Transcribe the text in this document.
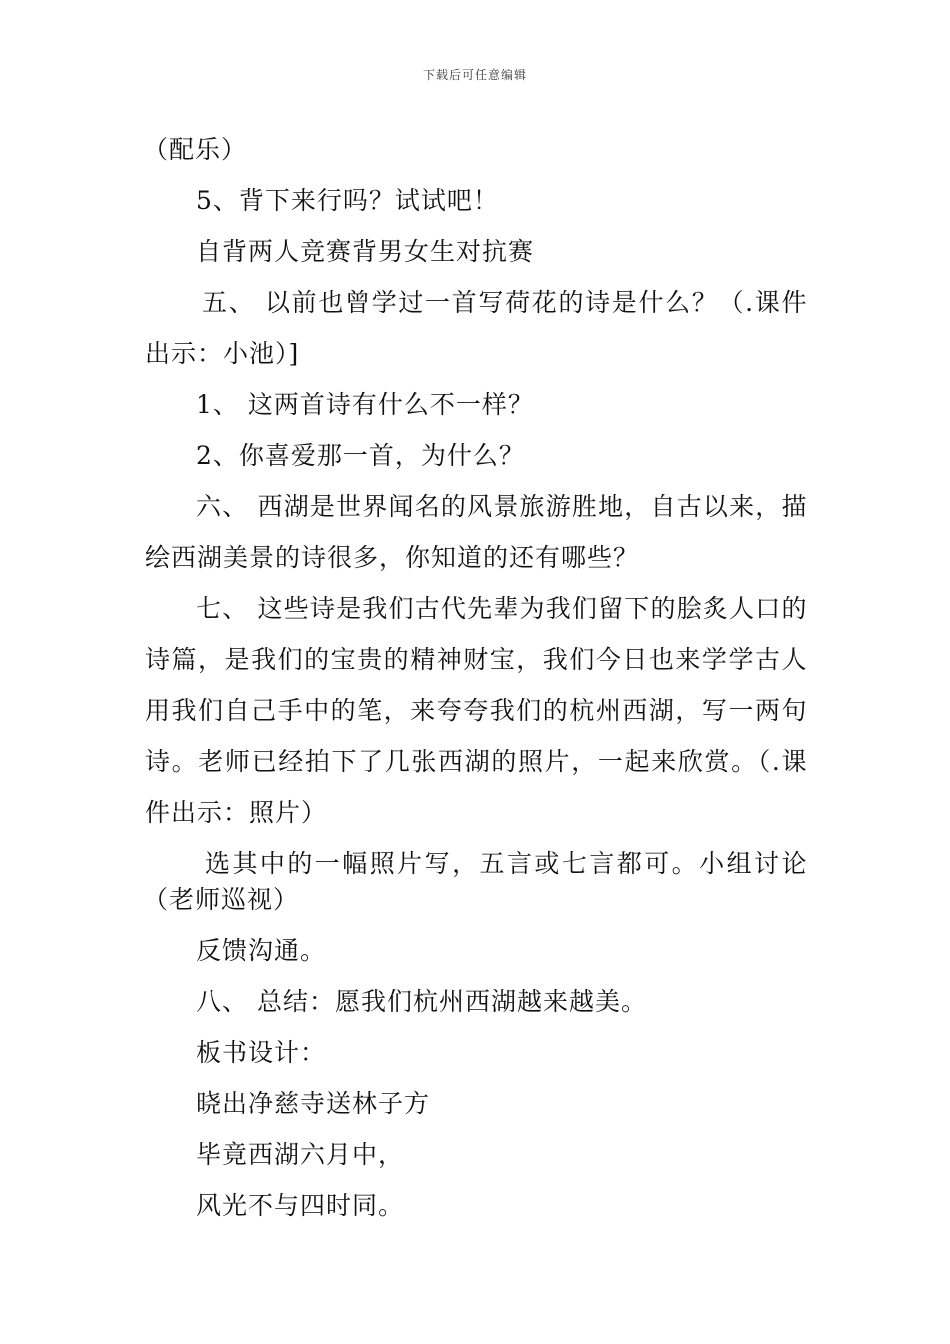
下载后可任意编辑
（配乐）
5、背下来行吗？试试吧！
自背两人竞赛背男女生对抗赛
五、 以前也曾学过一首写荷花的诗是什么？（.课件
出示：小池）]
1、 这两首诗有什么不一样？
2、你喜爱那一首，为什么？
六、 西湖是世界闻名的风景旅游胜地，自古以来，描
绘西湖美景的诗很多，你知道的还有哪些？
七、 这些诗是我们古代先辈为我们留下的脍炙人口的
诗篇，是我们的宝贵的精神财宝，我们今日也来学学古人
用我们自己手中的笔，来夸夸我们的杭州西湖，写一两句
诗。老师已经拍下了几张西湖的照片，一起来欣赏。（.课
件出示：照片）
选其中的一幅照片写，五言或七言都可。小组讨论
（老师巡视）
反馈沟通。
八、 总结：愿我们杭州西湖越来越美。
板书设计：
晓出净慈寺送林子方
毕竟西湖六月中，
风光不与四时同。
